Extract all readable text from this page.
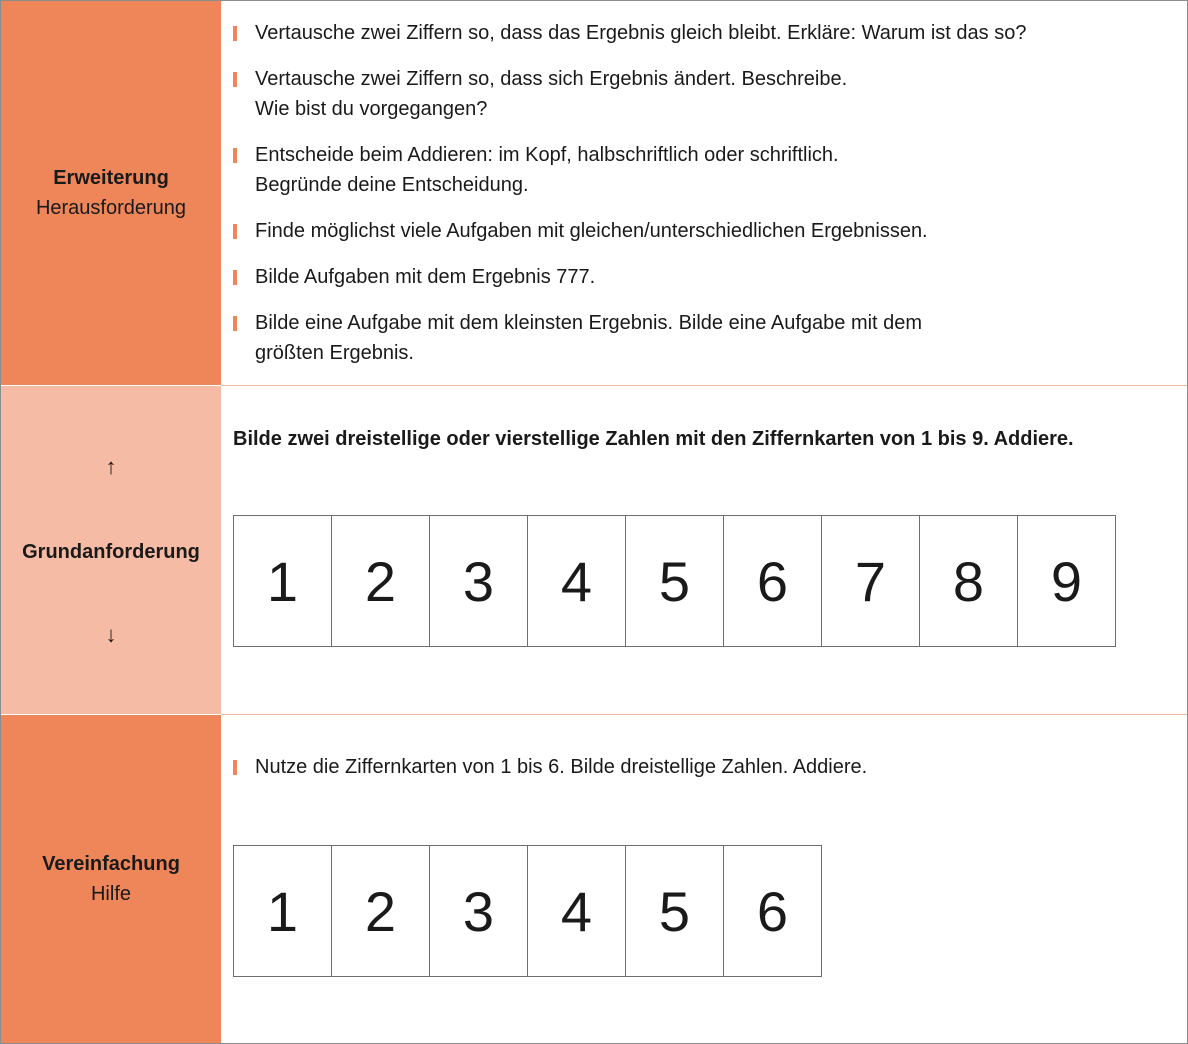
Erweiterung
Herausforderung
Vertausche zwei Ziffern so, dass das Ergebnis gleich bleibt. Erkläre: Warum ist das so?
Vertausche zwei Ziffern so, dass sich Ergebnis ändert. Beschreibe.
Wie bist du vorgegangen?
Entscheide beim Addieren: im Kopf, halbschriftlich oder schriftlich.
Begründe deine Entscheidung.
Finde möglichst viele Aufgaben mit gleichen/unterschiedlichen Ergebnissen.
Bilde Aufgaben mit dem Ergebnis 777.
Bilde eine Aufgabe mit dem kleinsten Ergebnis. Bilde eine Aufgabe mit dem
größten Ergebnis.
↑
Grundanforderung
↓
Bilde zwei dreistellige oder vierstellige Zahlen mit den Ziffernkarten von 1 bis 9. Addiere.
1	2	3	4	5	6	7	8	9
Vereinfachung
Hilfe
Nutze die Ziffernkarten von 1 bis 6. Bilde dreistellige Zahlen. Addiere.
1	2	3	4	5	6
